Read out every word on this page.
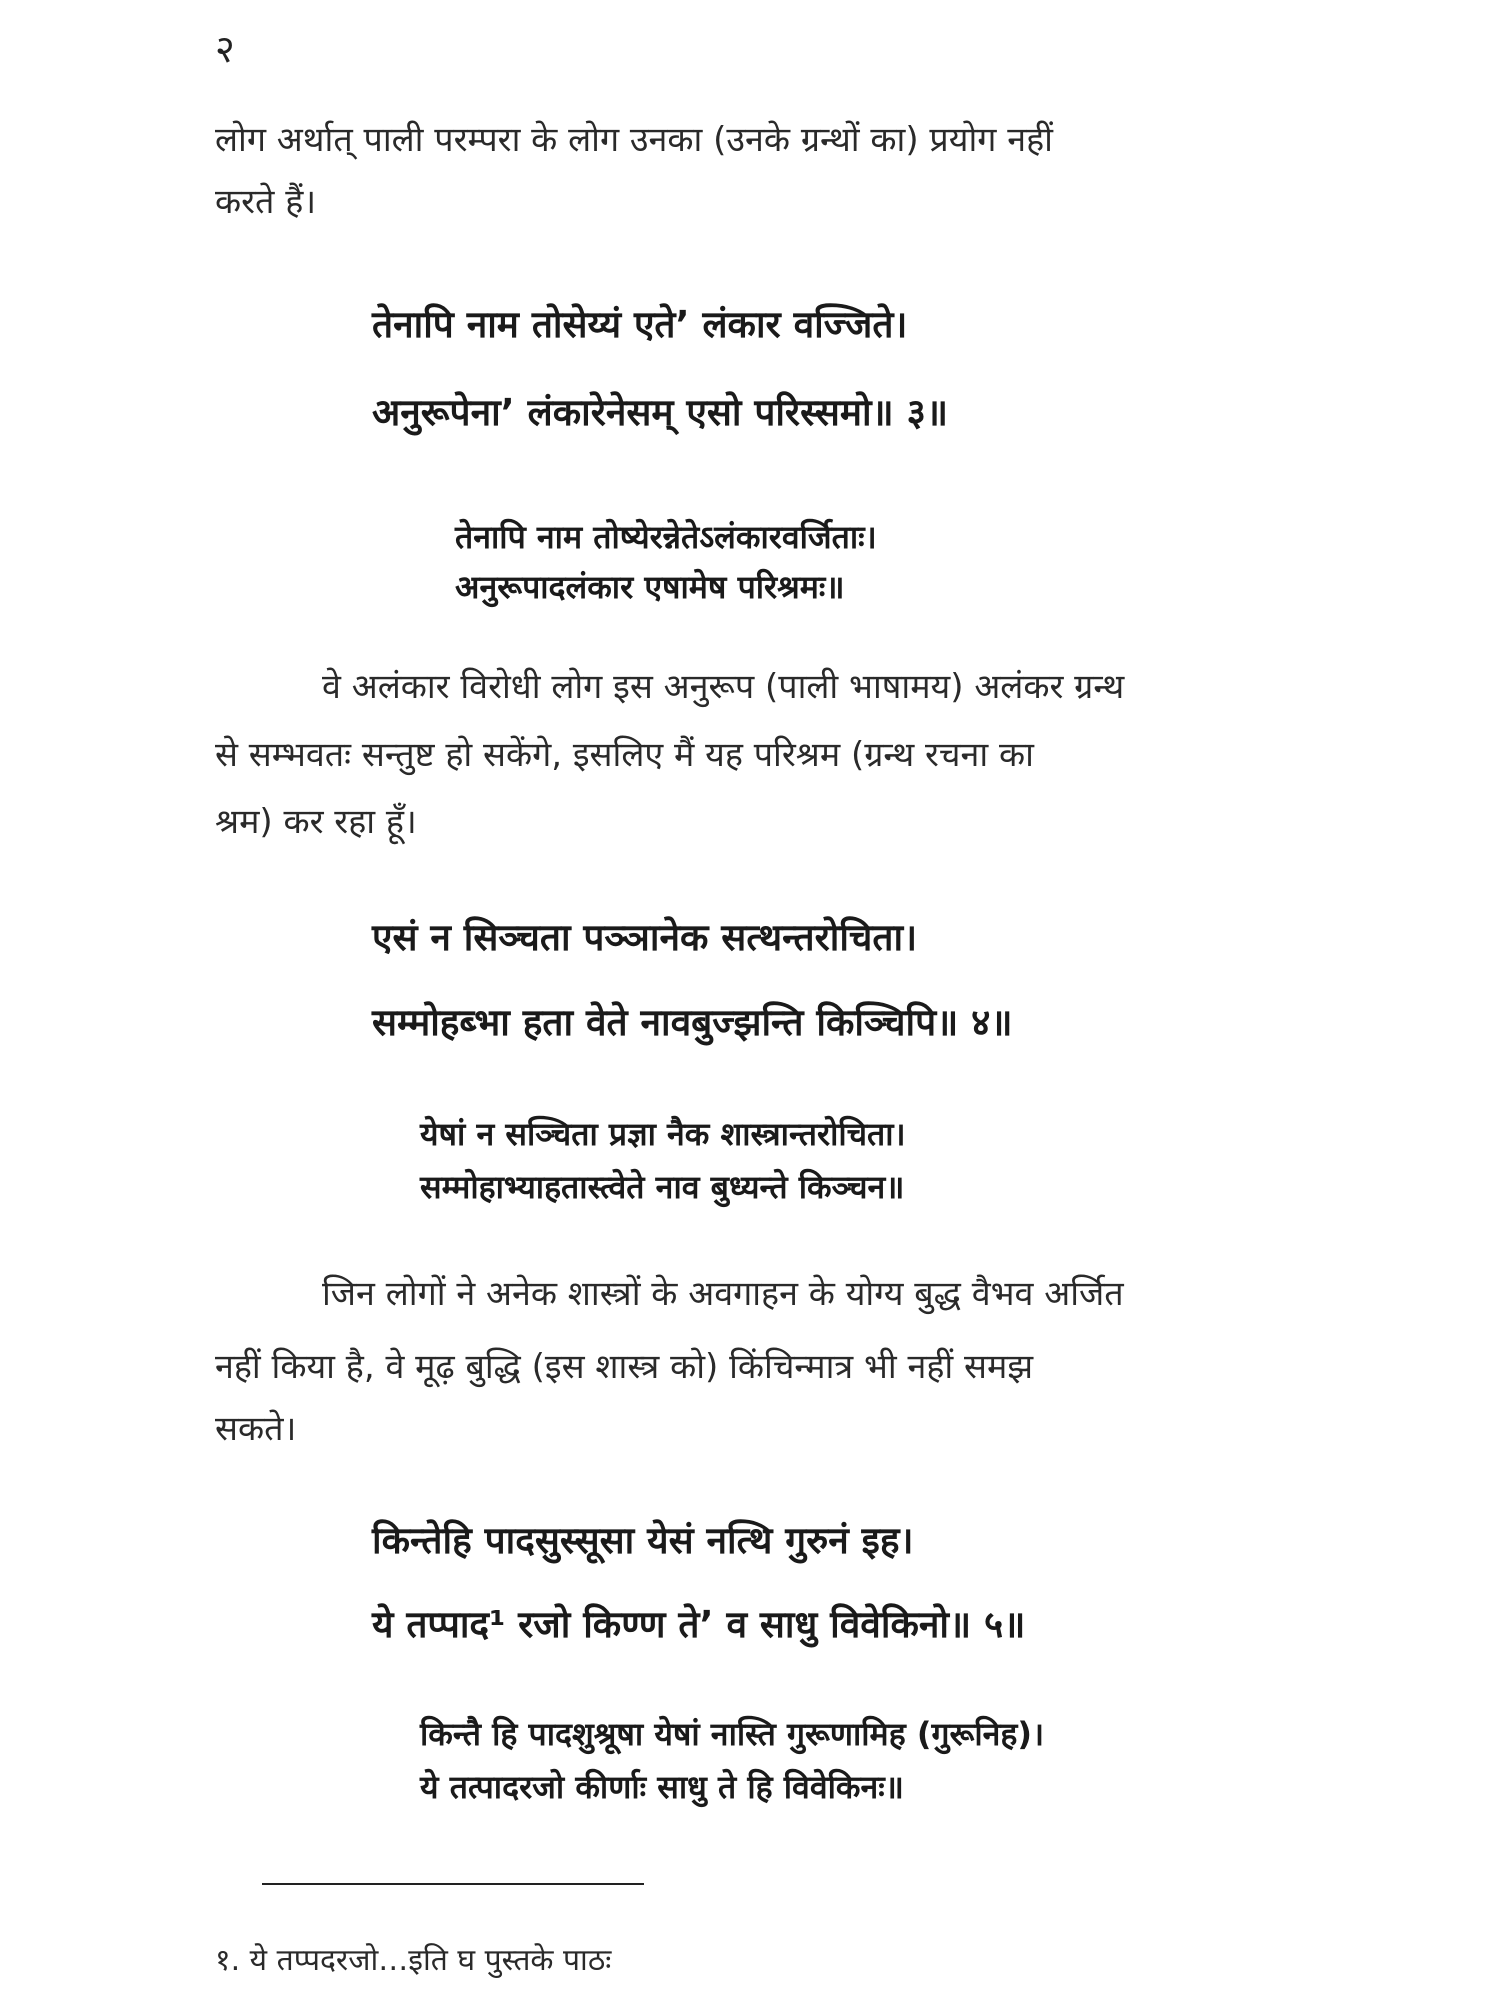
२
लोग अर्थात् पाली परम्परा के लोग उनका (उनके ग्रन्थों का) प्रयोग नहीं
करते हैं।
तेनापि नाम तोसेय्यं एते’ लंकार वज्जिते।
अनुरूपेना’ लंकारेनेसम् एसो परिस्समो॥ ३॥
तेनापि नाम तोष्येरन्नेतेऽलंकारवर्जिताः।
अनुरूपादलंकार एषामेष परिश्रमः॥
वे अलंकार विरोधी लोग इस अनुरूप (पाली भाषामय) अलंकर ग्रन्थ
से सम्भवतः सन्तुष्ट हो सकेंगे, इसलिए मैं यह परिश्रम (ग्रन्थ रचना का
श्रम) कर रहा हूँ।
एसं न सिञ्चता पञ्ञानेक सत्थन्तरोचिता।
सम्मोहब्भा हता वेते नावबुज्झन्ति किञ्चिपि॥ ४॥
येषां न सञ्चिता प्रज्ञा नैक शास्त्रान्तरोचिता।
सम्मोहाभ्याहतास्त्वेते नाव बुध्यन्ते किञ्चन॥
जिन लोगों ने अनेक शास्त्रों के अवगाहन के योग्य बुद्ध वैभव अर्जित
नहीं किया है, वे मूढ़ बुद्धि (इस शास्त्र को) किंचिन्मात्र भी नहीं समझ
सकते।
किन्तेहि पादसुस्सूसा येसं नत्थि गुरुनं इह।
ये तप्पाद¹ रजो किण्ण ते’ व साधु विवेकिनो॥ ५॥
किन्तै हि पादशुश्रूषा येषां नास्ति गुरूणामिह (गुरूनिह)।
ये तत्पादरजो कीर्णाः साधु ते हि विवेकिनः॥
१. ये तप्पदरजो…इति घ पुस्तके पाठः
